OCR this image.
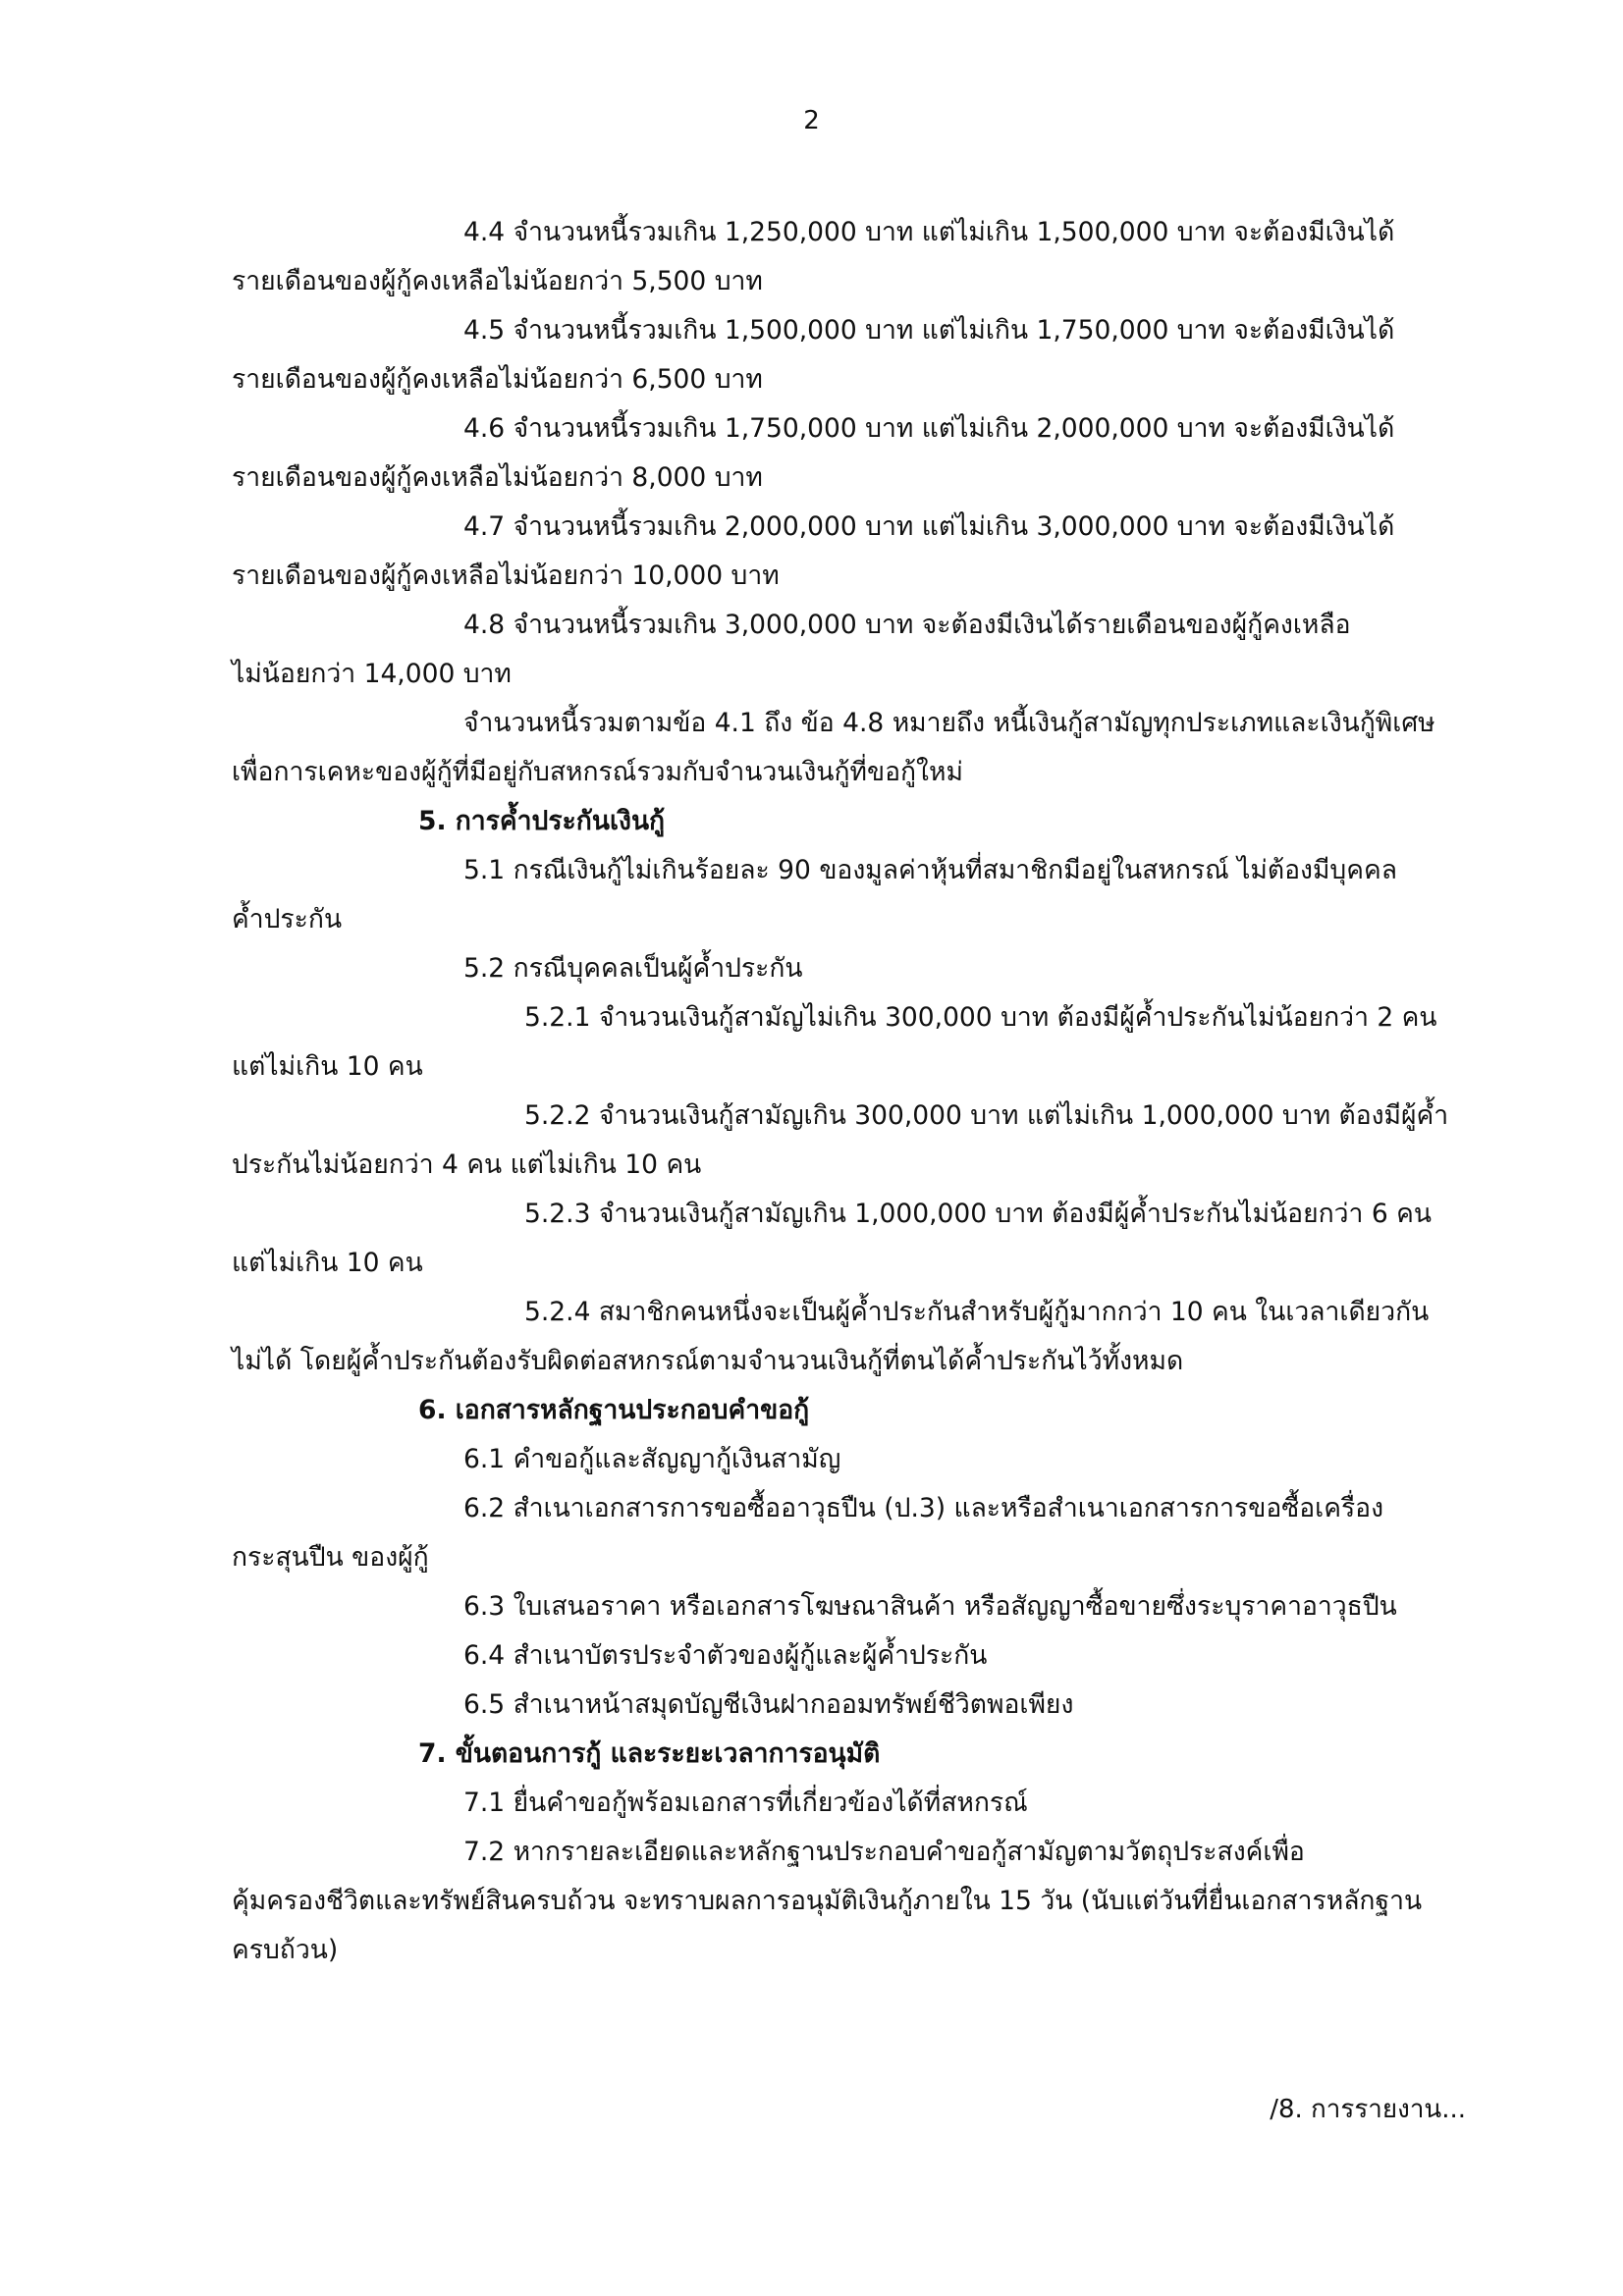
2
4.4 จำนวนหนี้รวมเกิน 1,250,000 บาท แต่ไม่เกิน 1,500,000 บาท จะต้องมีเงินได้
รายเดือนของผู้กู้คงเหลือไม่น้อยกว่า 5,500 บาท
4.5 จำนวนหนี้รวมเกิน 1,500,000 บาท แต่ไม่เกิน 1,750,000 บาท จะต้องมีเงินได้
รายเดือนของผู้กู้คงเหลือไม่น้อยกว่า 6,500 บาท
4.6 จำนวนหนี้รวมเกิน 1,750,000 บาท แต่ไม่เกิน 2,000,000 บาท จะต้องมีเงินได้
รายเดือนของผู้กู้คงเหลือไม่น้อยกว่า 8,000 บาท
4.7 จำนวนหนี้รวมเกิน 2,000,000 บาท แต่ไม่เกิน 3,000,000 บาท จะต้องมีเงินได้
รายเดือนของผู้กู้คงเหลือไม่น้อยกว่า 10,000 บาท
4.8 จำนวนหนี้รวมเกิน 3,000,000 บาท จะต้องมีเงินได้รายเดือนของผู้กู้คงเหลือ
ไม่น้อยกว่า 14,000 บาท
จำนวนหนี้รวมตามข้อ 4.1 ถึง ข้อ 4.8 หมายถึง หนี้เงินกู้สามัญทุกประเภทและเงินกู้พิเศษ
เพื่อการเคหะของผู้กู้ที่มีอยู่กับสหกรณ์รวมกับจำนวนเงินกู้ที่ขอกู้ใหม่
5. การค้ำประกันเงินกู้
5.1 กรณีเงินกู้ไม่เกินร้อยละ 90 ของมูลค่าหุ้นที่สมาชิกมีอยู่ในสหกรณ์ ไม่ต้องมีบุคคล
ค้ำประกัน
5.2 กรณีบุคคลเป็นผู้ค้ำประกัน
5.2.1 จำนวนเงินกู้สามัญไม่เกิน 300,000 บาท ต้องมีผู้ค้ำประกันไม่น้อยกว่า 2 คน
แต่ไม่เกิน 10 คน
5.2.2 จำนวนเงินกู้สามัญเกิน 300,000 บาท แต่ไม่เกิน 1,000,000 บาท ต้องมีผู้ค้ำ
ประกันไม่น้อยกว่า 4 คน แต่ไม่เกิน 10 คน
5.2.3 จำนวนเงินกู้สามัญเกิน 1,000,000 บาท ต้องมีผู้ค้ำประกันไม่น้อยกว่า 6 คน
แต่ไม่เกิน 10 คน
5.2.4 สมาชิกคนหนึ่งจะเป็นผู้ค้ำประกันสำหรับผู้กู้มากกว่า 10 คน ในเวลาเดียวกัน
ไม่ได้ โดยผู้ค้ำประกันต้องรับผิดต่อสหกรณ์ตามจำนวนเงินกู้ที่ตนได้ค้ำประกันไว้ทั้งหมด
6. เอกสารหลักฐานประกอบคำขอกู้
6.1 คำขอกู้และสัญญากู้เงินสามัญ
6.2 สำเนาเอกสารการขอซื้ออาวุธปืน (ป.3) และหรือสำเนาเอกสารการขอซื้อเครื่อง
กระสุนปืน ของผู้กู้
6.3 ใบเสนอราคา หรือเอกสารโฆษณาสินค้า หรือสัญญาซื้อขายซึ่งระบุราคาอาวุธปืน
6.4 สำเนาบัตรประจำตัวของผู้กู้และผู้ค้ำประกัน
6.5 สำเนาหน้าสมุดบัญชีเงินฝากออมทรัพย์ชีวิตพอเพียง
7. ขั้นตอนการกู้ และระยะเวลาการอนุมัติ
7.1 ยื่นคำขอกู้พร้อมเอกสารที่เกี่ยวข้องได้ที่สหกรณ์
7.2 หากรายละเอียดและหลักฐานประกอบคำขอกู้สามัญตามวัตถุประสงค์เพื่อ
คุ้มครองชีวิตและทรัพย์สินครบถ้วน จะทราบผลการอนุมัติเงินกู้ภายใน 15 วัน (นับแต่วันที่ยื่นเอกสารหลักฐาน
ครบถ้วน)
/8. การรายงาน...
